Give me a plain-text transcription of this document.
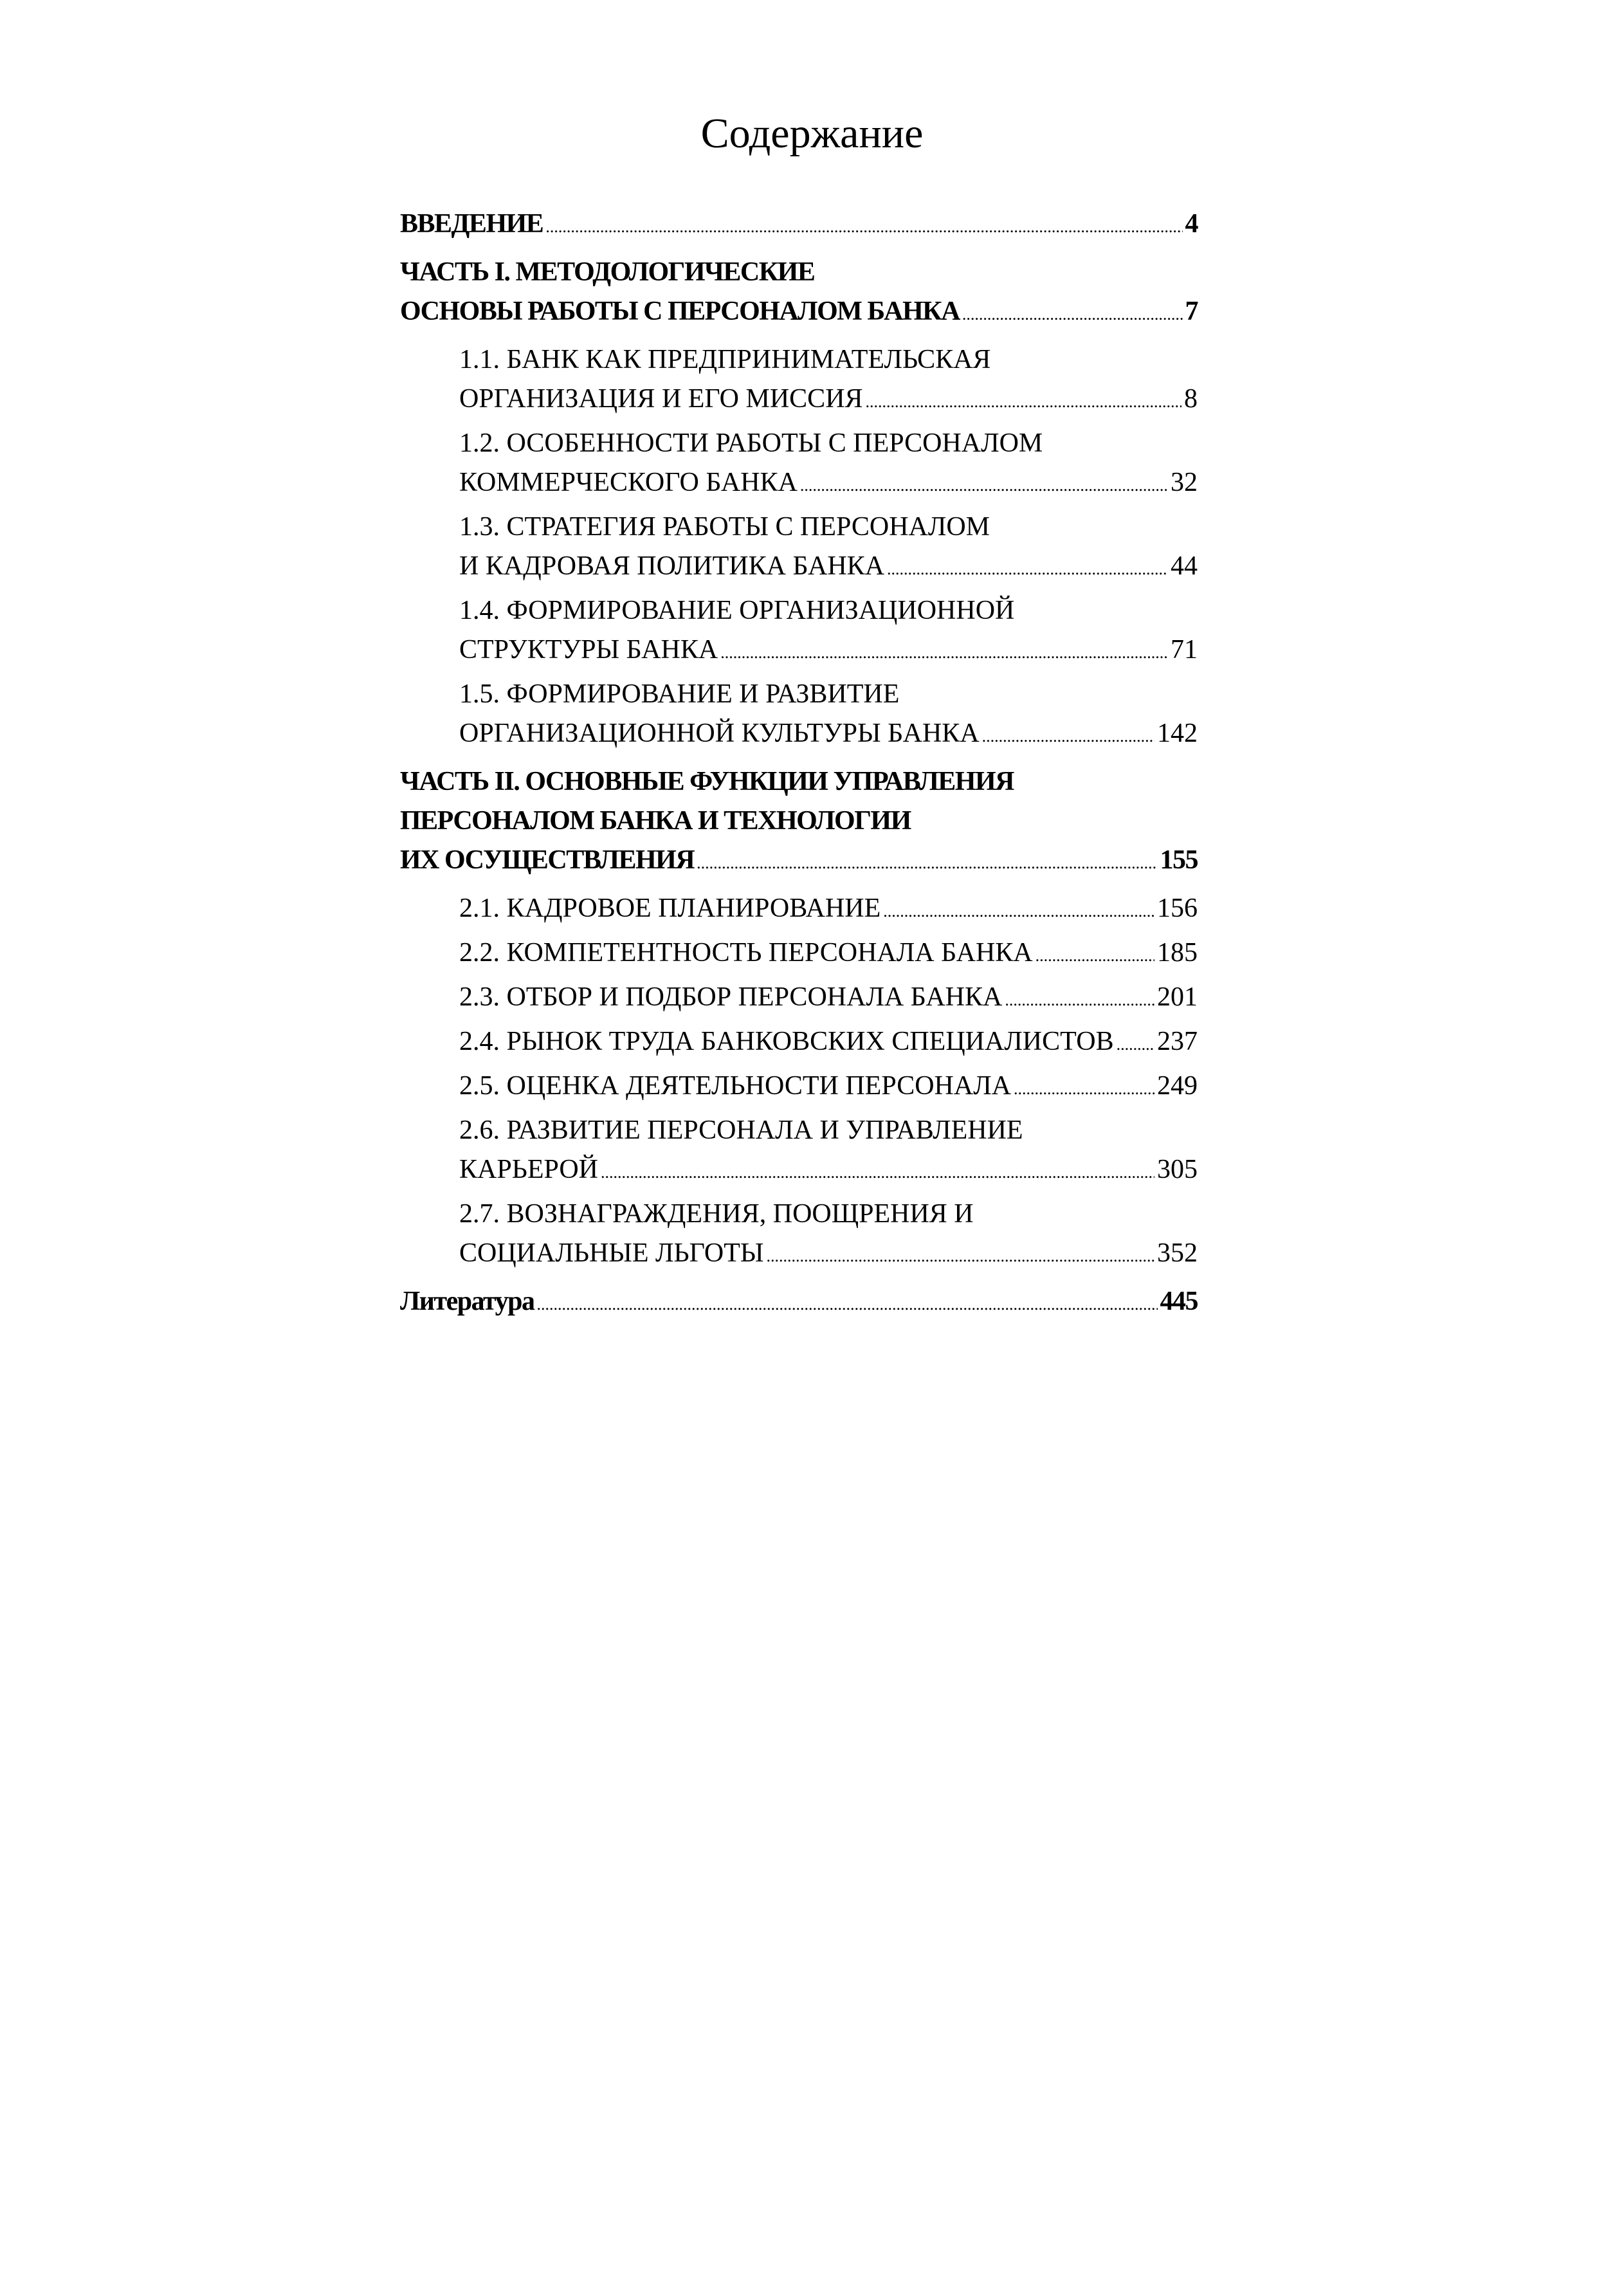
Содержание
ВВЕДЕНИЕ .....	4
ЧАСТЬ I. МЕТОДОЛОГИЧЕСКИЕ
ОСНОВЫ РАБОТЫ С ПЕРСОНАЛОМ БАНКА .....	7
1.1. БАНК КАК ПРЕДПРИНИМАТЕЛЬСКАЯ
ОРГАНИЗАЦИЯ И ЕГО МИССИЯ .....	8
1.2. ОСОБЕННОСТИ РАБОТЫ С ПЕРСОНАЛОМ
КОММЕРЧЕСКОГО БАНКА .....	32
1.3. СТРАТЕГИЯ РАБОТЫ С ПЕРСОНАЛОМ
И КАДРОВАЯ ПОЛИТИКА БАНКА .....	44
1.4. ФОРМИРОВАНИЕ ОРГАНИЗАЦИОННОЙ
СТРУКТУРЫ БАНКА .....	71
1.5. ФОРМИРОВАНИЕ И РАЗВИТИЕ
ОРГАНИЗАЦИОННОЙ КУЛЬТУРЫ БАНКА .....	142
ЧАСТЬ II. ОСНОВНЫЕ ФУНКЦИИ УПРАВЛЕНИЯ
ПЕРСОНАЛОМ БАНКА И ТЕХНОЛОГИИ
ИХ ОСУЩЕСТВЛЕНИЯ .....	155
2.1. КАДРОВОЕ ПЛАНИРОВАНИЕ .....	156
2.2. КОМПЕТЕНТНОСТЬ ПЕРСОНАЛА БАНКА .....	185
2.3. ОТБОР И ПОДБОР ПЕРСОНАЛА БАНКА .....	201
2.4. РЫНОК ТРУДА БАНКОВСКИХ СПЕЦИАЛИСТОВ ..... 237
2.5. ОЦЕНКА ДЕЯТЕЛЬНОСТИ ПЕРСОНАЛА .....	249
2.6. РАЗВИТИЕ ПЕРСОНАЛА И УПРАВЛЕНИЕ
КАРЬЕРОЙ .....	305
2.7. ВОЗНАГРАЖДЕНИЯ, ПООЩРЕНИЯ И
СОЦИАЛЬНЫЕ ЛЬГОТЫ .....	352
Литература .....	445
